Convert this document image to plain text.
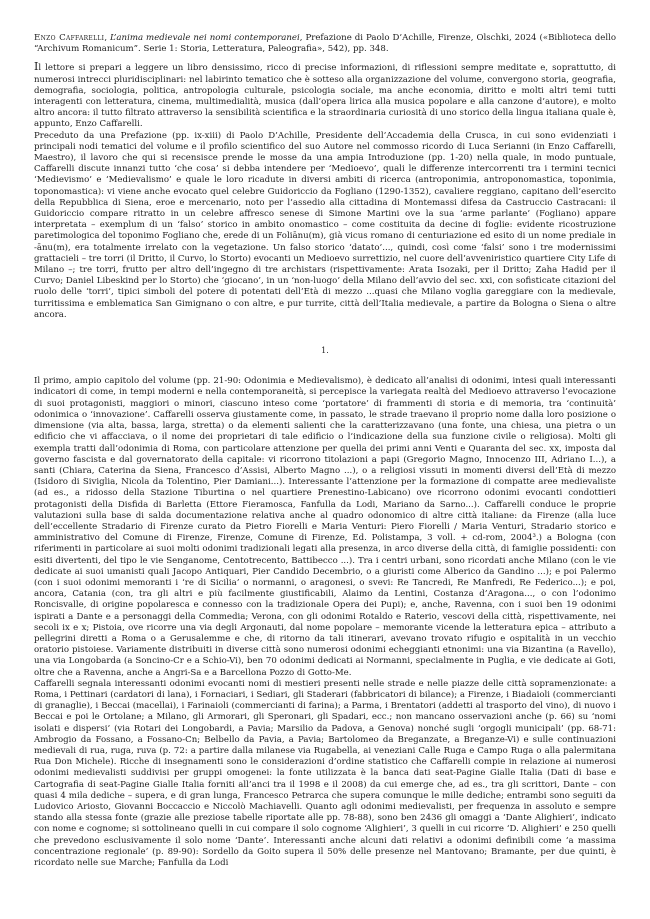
Enzo Caffarelli, L’anima medievale nei nomi contemporanei, Prefazione di Paolo D’Achille, Firenze, Olschki, 2024 («Biblioteca dello “Archivum Romanicum”. Serie 1: Storia, Letteratura, Paleografia», 542), pp. 348.

Il lettore si prepari a leggere un libro densissimo, ricco di precise informazioni, di riflessioni sempre meditate e, soprattutto, di numerosi intrecci pluridisciplinari: nel labirinto tematico che è sotteso alla organizzazione del volume, convergono storia, geografia, demografia, sociologia, politica, antropologia culturale, psicologia sociale, ma anche economia, diritto e molti altri temi tutti interagenti con letteratura, cinema, multimedialità, musica (dall’opera lirica alla musica popolare e alla canzone d’autore), e molto altro ancora: il tutto filtrato attraverso la sensibilità scientifica e la straordinaria curiosità di uno storico della lingua italiana quale è, appunto, Enzo Caffarelli.

Preceduto da una Prefazione (pp. ix-xiii) di Paolo D’Achille, Presidente dell’Accademia della Crusca, in cui sono evidenziati i principali nodi tematici del volume e il profilo scientifico del suo Autore nel commosso ricordo di Luca Serianni (in Enzo Caffarelli, Maestro), il lavoro che qui si recensisce prende le mosse da una ampia Introduzione (pp. 1-20) nella quale, in modo puntuale, Caffarelli discute innanzi tutto ‘che cosa’ si debba intendere per ‘Medioevo’, quali le differenze intercorrenti tra i termini tecnici ‘Medievismo’ e ‘Medievalismo’ e quale le loro ricadute in diversi ambiti di ricerca (antroponimia, antroponomastica, toponimia, toponomastica): vi viene anche evocato quel celebre Guidoriccio da Fogliano (1290-1352), cavaliere reggiano, capitano dell’esercito della Repubblica di Siena, eroe e mercenario, noto per l’assedio alla cittadina di Montemassi difesa da Castruccio Castracani: il Guidoriccio compare ritratto in un celebre affresco senese di Simone Martini ove la sua ‘arme parlante’ (Fogliano) appare interpretata – exemplum di un ‘falso’ storico in ambito onomastico – come costituita da decine di foglie: evidente ricostruzione paretimologica del toponimo Fogliano che, erede di un Foliānu(m), già vicus romano di centuriazione ed esito di un nome prediale in -ānu(m), era totalmente irrelato con la vegetazione. Un falso storico ‘datato’..., quindi, così come ‘falsi’ sono i tre modernissimi grattacieli – tre torri (il Dritto, il Curvo, lo Storto) evocanti un Medioevo surrettizio, nel cuore dell’avveniristico quartiere City Life di Milano –; tre torri, frutto per altro dell’ingegno di tre archistars (rispettivamente: Arata Isozaki, per il Dritto; Zaha Hadid per il Curvo; Daniel Libeskind per lo Storto) che ‘giocano’, in un ‘non-luogo’ della Milano dell’avvio del sec. xxi, con sofisticate citazioni del ruolo delle ‘torri’, tipici simboli del potere di potentati dell’Età di mezzo ...quasi che Milano voglia gareggiare con la medievale, turritissima e emblematica San Gimignano o con altre, e pur turrite, città dell’Italia medievale, a partire da Bologna o Siena o altre ancora.

1.

Il primo, ampio capitolo del volume (pp. 21-90: Odonimia e Medievalismo), è dedicato all’analisi di odonimi, intesi quali interessanti indicatori di come, in tempi moderni e nella contemporaneità, si percepisce la variegata realtà del Medioevo attraverso l’evocazione di suoi protagonisti, maggiori o minori, ciascuno inteso come ‘portatore’ di frammenti di storia e di memoria, tra ‘continuità’ odonimica o ‘innovazione’. Caffarelli osserva giustamente come, in passato, le strade traevano il proprio nome dalla loro posizione o dimensione (via alta, bassa, larga, stretta) o da elementi salienti che la caratterizzavano (una fonte, una chiesa, una pietra o un edificio che vi affacciava, o il nome dei proprietari di tale edificio o l’indicazione della sua funzione civile o religiosa). Molti gli exempla tratti dall’odonimia di Roma, con particolare attenzione per quella dei primi anni Venti e Quaranta del sec. xx, imposta dal governo fascista e dal governatorato della capitale: vi ricorrono titolazioni a papi (Gregorio Magno, Innocenzo III, Adriano I...), a santi (Chiara, Caterina da Siena, Francesco d’Assisi, Alberto Magno ...), o a religiosi vissuti in momenti diversi dell’Età di mezzo (Isidoro di Siviglia, Nicola da Tolentino, Pier Damiani...). Interessante l’attenzione per la formazione di compatte aree medievaliste (ad es., a ridosso della Stazione Tiburtina o nel quartiere Prenestino-Labicano) ove ricorrono odonimi evocanti condottieri protagonisti della Disfida di Barletta (Ettore Fieramosca, Fanfulla da Lodi, Mariano da Sarno...). Caffarelli conduce le proprie valutazioni sulla base di salda documentazione relativa anche al quadro odonomico di altre città italiane: da Firenze (alla luce dell’eccellente Stradario di Firenze curato da Pietro Fiorelli e Maria Venturi: Piero Fiorelli / Maria Venturi, Stradario storico e amministrativo del Comune di Firenze, Firenze, Comune di Firenze, Ed. Polistampa, 3 voll. + cd-rom, 2004³.) a Bologna (con riferimenti in particolare ai suoi molti odonimi tradizionali legati alla presenza, in arco diverse della città, di famiglie possidenti: con esiti divertenti, del tipo le vie Senganome, Centotrecento, Battibecco ...). Tra i centri urbani, sono ricordati anche Milano (con le vie dedicate ai suoi umanisti quali Jacopo Antiquari, Pier Candido Decembrio, o a giuristi come Alberico da Gandino ...); e poi Palermo (con i suoi odonimi memoranti i ‘re di Sicilia’ o normanni, o aragonesi, o svevi: Re Tancredi, Re Manfredi, Re Federico...); e poi, ancora, Catania (con, tra gli altri e più facilmente giustificabili, Alaimo da Lentini, Costanza d’Aragona..., o con l’odonimo Roncisvalle, di origine popolaresca e connesso con la tradizionale Opera dei Pupi); e, anche, Ravenna, con i suoi ben 19 odonimi ispirati a Dante e a personaggi della Commedia; Verona, con gli odonimi Rotaldo e Raterio, vescovi della città, rispettivamente, nei secoli ix e x; Pistoia, ove ricorre una via degli Argonauti, dal nome popolare – memorante vicende la letteratura epica – attributo a pellegrini diretti a Roma o a Gerusalemme e che, di ritorno da tali itinerari, avevano trovato rifugio e ospitalità in un vecchio oratorio pistoiese. Variamente distribuiti in diverse città sono numerosi odonimi echeggianti etnonimi: una via Bizantina (a Ravello), una via Longobarda (a Soncino-Cr e a Schio-Vi), ben 70 odonimi dedicati ai Normanni, specialmente in Puglia, e vie dedicate ai Goti, oltre che a Ravenna, anche a Angri-Sa e a Barcellona Pozzo di Gotto-Me.

Caffarelli segnala interessanti odonimi evocanti nomi di mestieri presenti nelle strade e nelle piazze delle città sopramenzionate: a Roma, i Pettinari (cardatori di lana), i Fornaciari, i Sediari, gli Staderari (fabbricatori di bilance); a Firenze, i Biadaioli (commercianti di granaglie), i Beccai (macellai), i Farinaioli (commercianti di farina); a Parma, i Brentatori (addetti al trasporto del vino), di nuovo i Beccai e poi le Ortolane; a Milano, gli Armorari, gli Speronari, gli Spadari, ecc.; non mancano osservazioni anche (p. 66) su ‘nomi isolati e dispersi’ (via Rotari dei Longobardi, a Pavia; Marsilio da Padova, a Genova) nonché sugli ‘orgogli municipali’ (pp. 68-71: Ambrogio da Fossano, a Fossano-Cn; Belbello da Pavia, a Pavia; Bartolomeo da Breganzate, a Breganze-Vi) e sulle continuazioni medievali di rua, ruga, ruva (p. 72: a partire dalla milanese via Rugabella, ai veneziani Calle Ruga e Campo Ruga o alla palermitana Rua Don Michele). Ricche di insegnamenti sono le considerazioni d’ordine statistico che Caffarelli compie in relazione ai numerosi odonimi medievalisti suddivisi per gruppi omogenei: la fonte utilizzata è la banca dati seat-Pagine Gialle Italia (Dati di base e Cartografia di seat-Pagine Gialle Italia forniti all’anci tra il 1998 e il 2008) da cui emerge che, ad es., tra gli scrittori, Dante – con quasi 4 mila dediche – supera, e di gran lunga, Francesco Petrarca che supera comunque le mille dediche; entrambi sono seguiti da Ludovico Ariosto, Giovanni Boccaccio e Niccolò Machiavelli. Quanto agli odonimi medievalisti, per frequenza in assoluto e sempre stando alla stessa fonte (grazie alle preziose tabelle riportate alle pp. 78-88), sono ben 2436 gli omaggi a ‘Dante Alighieri’, indicato con nome e cognome; si sottolineano quelli in cui compare il solo cognome ‘Alighieri’, 3 quelli in cui ricorre ‘D. Alighieri’ e 250 quelli che prevedono esclusivamente il solo nome ‘Dante’. Interessanti anche alcuni dati relativi a odonimi definibili come ‘a massima concentrazione regionale’ (p. 89-90): Sordello da Goito supera il 50% delle presenze nel Mantovano; Bramante, per due quinti, è ricordato nelle sue Marche; Fanfulla da Lodi
